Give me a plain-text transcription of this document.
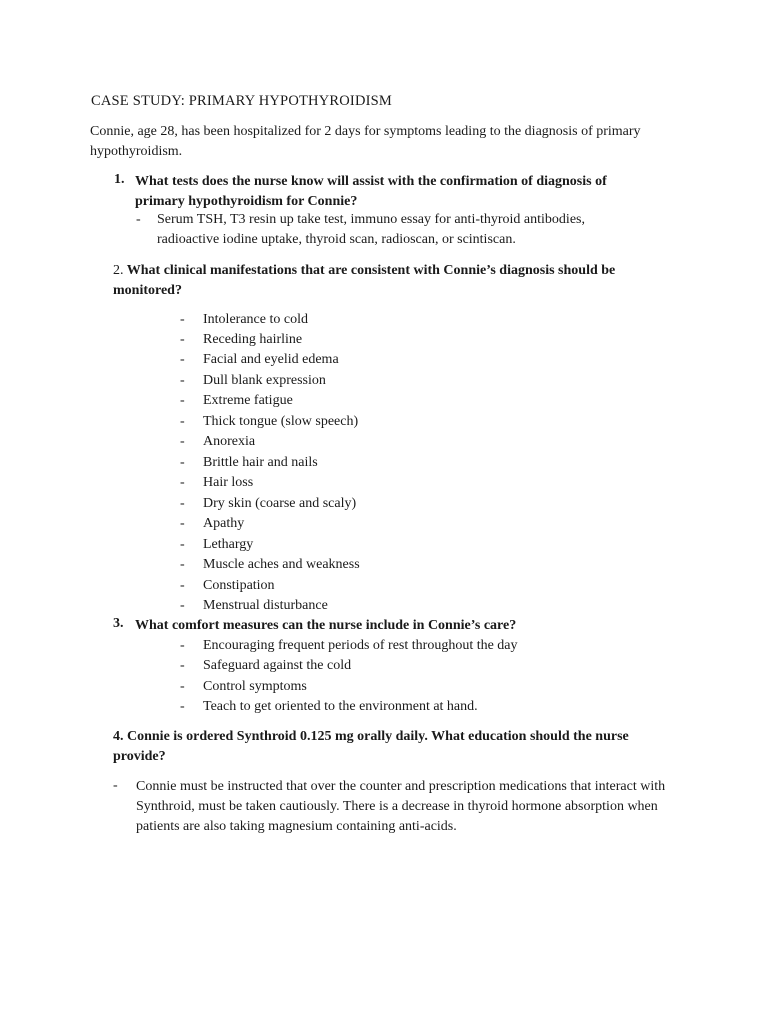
CASE STUDY: PRIMARY HYPOTHYROIDISM
Connie, age 28, has been hospitalized for 2 days for symptoms leading to the diagnosis of primary hypothyroidism.
1. What tests does the nurse know will assist with the confirmation of diagnosis of primary hypothyroidism for Connie?
- Serum TSH, T3 resin up take test, immuno essay for anti-thyroid antibodies, radioactive iodine uptake, thyroid scan, radioscan, or scintiscan.
2. What clinical manifestations that are consistent with Connie’s diagnosis should be monitored?
- Intolerance to cold
- Receding hairline
- Facial and eyelid edema
- Dull blank expression
- Extreme fatigue
- Thick tongue (slow speech)
- Anorexia
- Brittle hair and nails
- Hair loss
- Dry skin (coarse and scaly)
- Apathy
- Lethargy
- Muscle aches and weakness
- Constipation
- Menstrual disturbance
3. What comfort measures can the nurse include in Connie’s care?
- Encouraging frequent periods of rest throughout the day
- Safeguard against the cold
- Control symptoms
- Teach to get oriented to the environment at hand.
4. Connie is ordered Synthroid 0.125 mg orally daily. What education should the nurse provide?
- Connie must be instructed that over the counter and prescription medications that interact with Synthroid, must be taken cautiously. There is a decrease in thyroid hormone absorption when patients are also taking magnesium containing anti-acids.
